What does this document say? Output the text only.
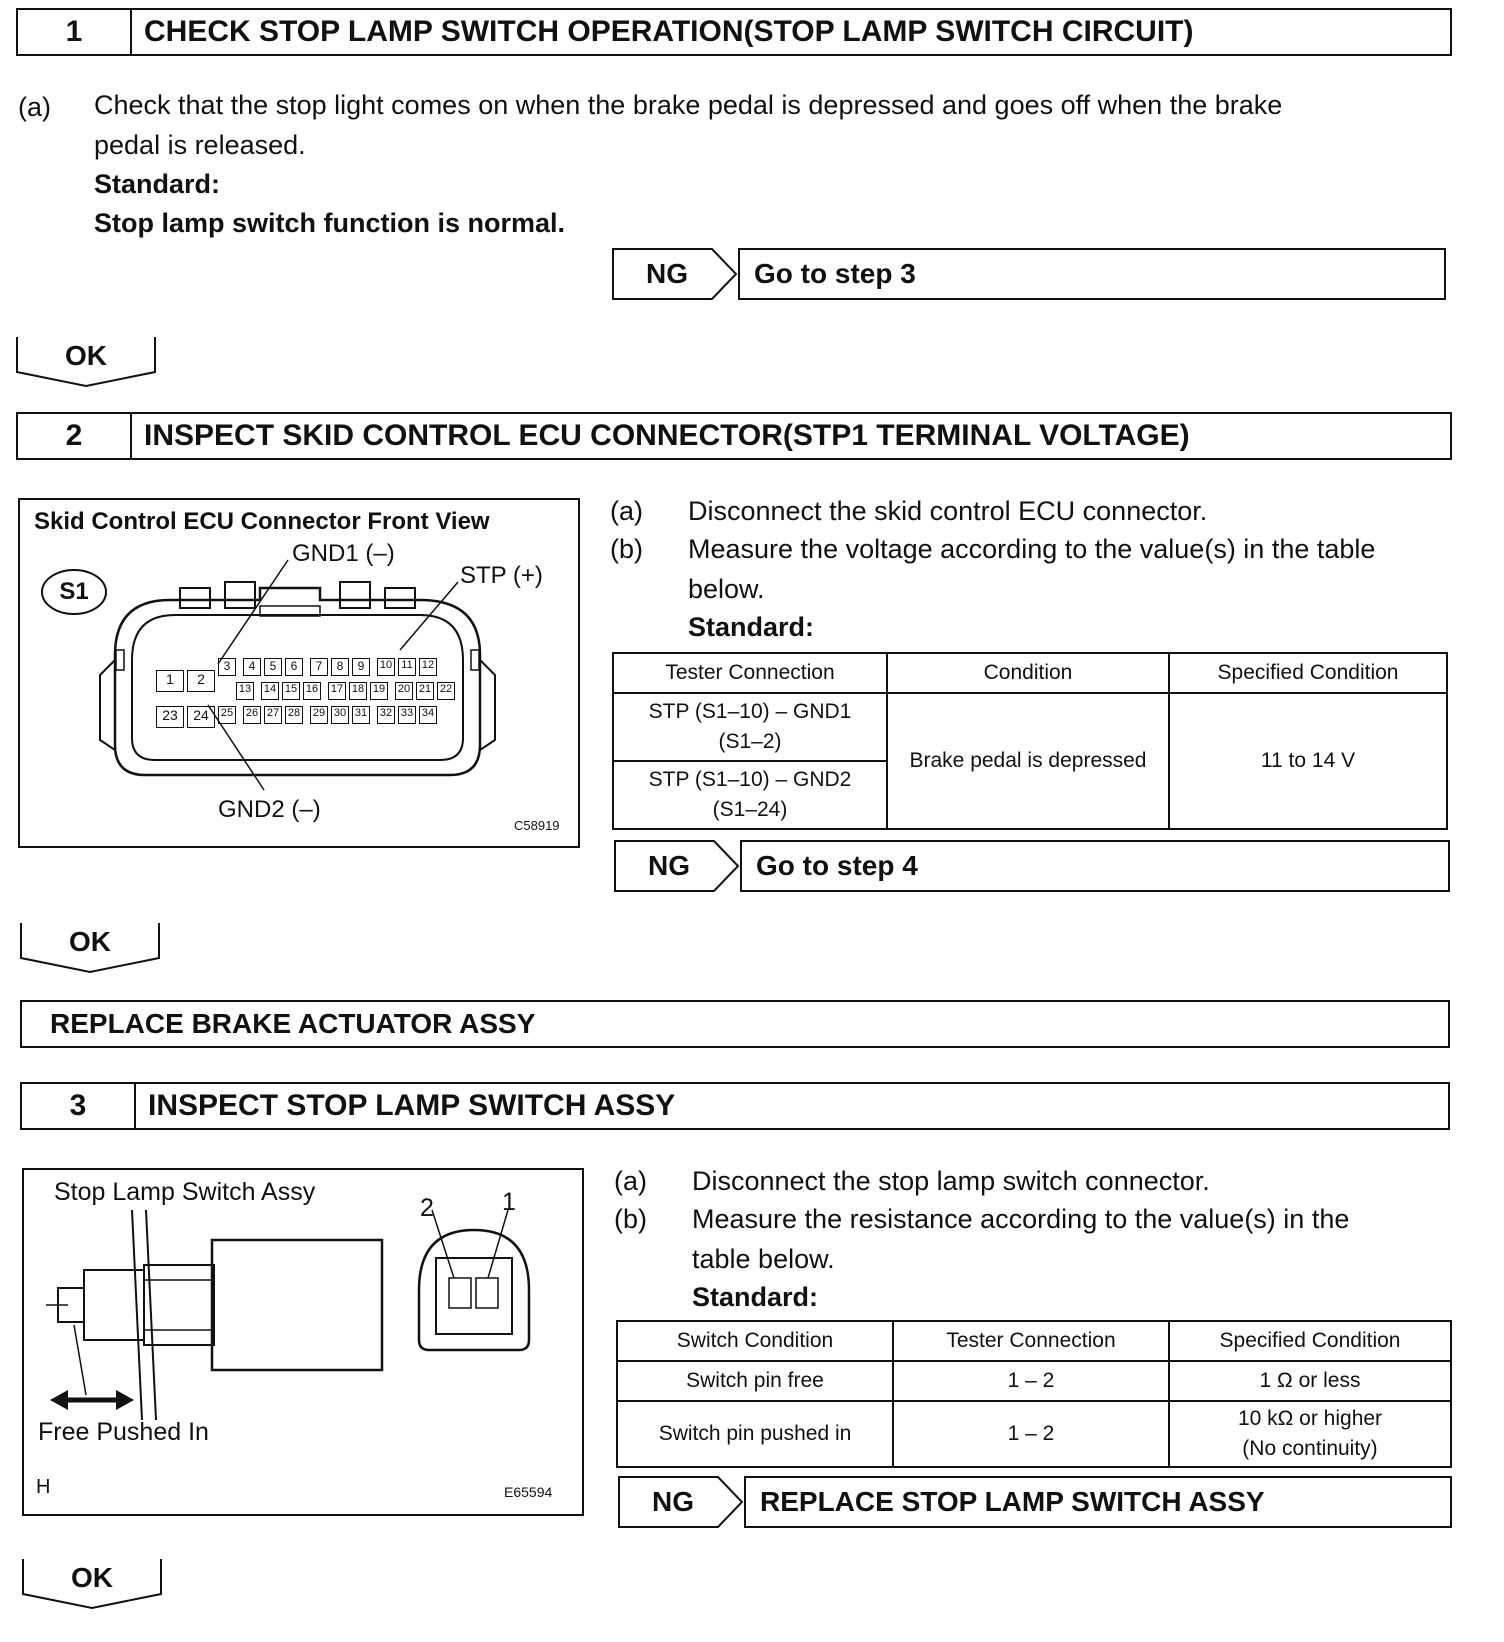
1	CHECK STOP LAMP SWITCH OPERATION(STOP LAMP SWITCH CIRCUIT)
(a) Check that the stop light comes on when the brake pedal is depressed and goes off when the brake
pedal is released.
Standard:
Stop lamp switch function is normal.
NG	Go to step 3
OK
2	INSPECT SKID CONTROL ECU CONNECTOR(STP1 TERMINAL VOLTAGE)
Skid Control ECU Connector Front View
S1
GND1 (–)
STP (+)
GND2 (–)
C58919
1	2
3	4	5	6	7	8	9	10 11 12
13 14 15 16 17 18 19 20 21 22
23	24	25 26 27 28 29 30 31 32 33 34
(a) Disconnect the skid control ECU connector.
(b) Measure the voltage according to the value(s) in the table
below.
Standard:
Tester Connection	Condition	Specified Condition

STP (S1–10) – GND1
(S1–2)	Brake pedal is depressed	11 to 14 V

STP (S1–10) – GND2
(S1–24)		
NG	Go to step 4
OK
REPLACE BRAKE ACTUATOR ASSY
3	INSPECT STOP LAMP SWITCH ASSY
Stop Lamp Switch Assy
2	1
Free Pushed In
H	E65594
(a) Disconnect the stop lamp switch connector.
(b) Measure the resistance according to the value(s) in the
table below.
Standard:
Switch Condition	Tester Connection	Specified Condition
Switch pin free	1 – 2	1 Ω or less
Switch pin pushed in	1 – 2	10 kΩ or higher
(No continuity)
NG	REPLACE STOP LAMP SWITCH ASSY
OK
